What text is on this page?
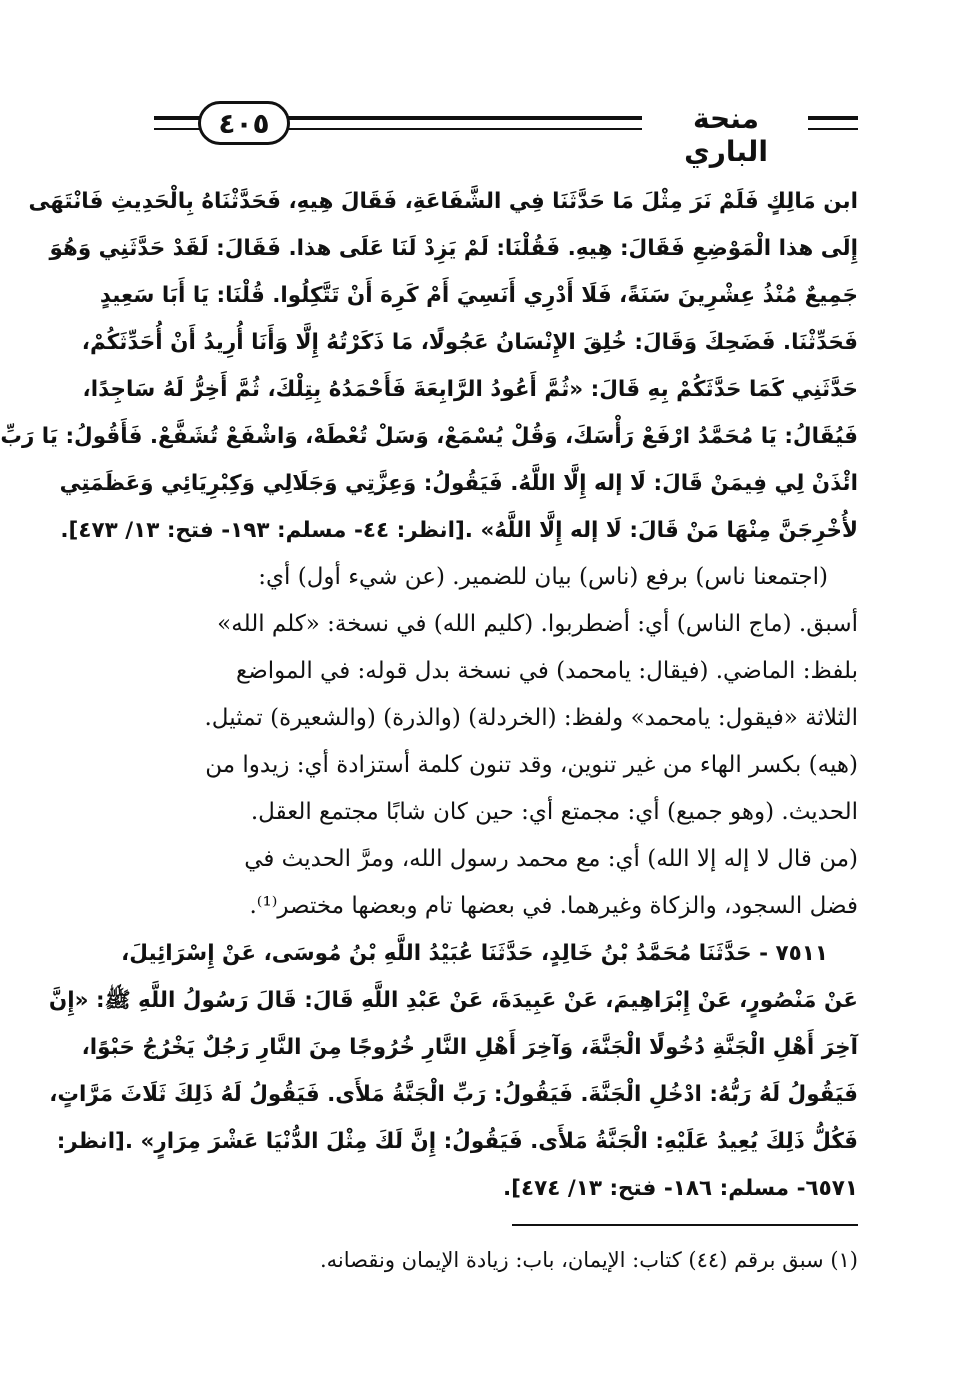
٤٠٥	منحة الباري
ابن مَالِكٍ فَلَمْ نَرَ مِثْلَ مَا حَدَّثَنَا فِي الشَّفَاعَةِ، فَقَالَ هِيهِ، فَحَدَّثْنَاهُ بِالْحَدِيثِ فَانْتَهَى
إِلَى هذا الْمَوْضِعِ فَقَالَ: هِيهِ. فَقُلْنَا: لَمْ يَزِدْ لَنَا عَلَى هذا. فَقَالَ: لَقَدْ حَدَّثَنِي وَهُوَ
جَمِيعٌ مُنْذُ عِشْرِينَ سَنَةً، فَلَا أَدْرِي أَنَسِيَ أَمْ كَرِهَ أَنْ تَتَّكِلُوا. قُلْنَا: يَا أَبَا سَعِيدٍ
فَحَدِّثْنَا. فَضَحِكَ وَقَالَ: خُلِقَ الإِنْسَانُ عَجُولًا، مَا ذَكَرْتُهُ إِلَّا وَأَنَا أُرِيدُ أَنْ أُحَدِّثَكُمْ،
حَدَّثَنِي كَمَا حَدَّثَكُمْ بِهِ قَالَ: «ثُمَّ أَعُودُ الرَّابِعَةَ فَأَحْمَدُهُ بِتِلْكَ، ثُمَّ أَخِرُّ لَهُ سَاجِدًا،
فَيُقَالُ: يَا مُحَمَّدُ ارْفَعْ رَأْسَكَ، وَقُلْ يُسْمَعْ، وَسَلْ تُعْطَهْ، وَاشْفَعْ تُشَفَّعْ. فَأَقُولُ: يَا رَبِّ
ائْذَنْ لِي فِيمَنْ قَالَ: لَا إله إِلَّا اللَّهُ. فَيَقُولُ: وَعِزَّتِي وَجَلَالِي وَكِبْرِيَائِي وَعَظَمَتِي
لأُخْرِجَنَّ مِنْهَا مَنْ قَالَ: لَا إله إِلَّا اللَّهُ» .[انظر: ٤٤- مسلم: ١٩٣- فتح: ١٣/ ٤٧٣].
(اجتمعنا ناس) برفع (ناس) بيان للضمير. (عن شيء أول) أي:
أسبق. (ماج الناس) أي: أضطربوا. (كليم الله) في نسخة: «كلم الله»
بلفظ: الماضي. (فيقال: يامحمد) في نسخة بدل قوله: في المواضع
الثلاثة «فيقول: يامحمد» ولفظ: (الخردلة) (والذرة) (والشعيرة) تمثيل.
(هيه) بكسر الهاء من غير تنوين، وقد تنون كلمة أستزادة أي: زيدوا من
الحديث. (وهو جميع) أي: مجمتع أي: حين كان شابًا مجتمع العقل.
(من قال لا إله إلا الله) أي: مع محمد رسول الله، ومرَّ الحديث في
فضل السجود، والزكاة وغيرهما. في بعضها تام وبعضها مختصر⁽¹⁾.
٧٥١١ - حَدَّثَنَا مُحَمَّدُ بْنُ خَالِدٍ، حَدَّثَنَا عُبَيْدُ اللَّهِ بْنُ مُوسَى، عَنْ إِسْرَائِيلَ،
عَنْ مَنْصُورٍ، عَنْ إِبْرَاهِيمَ، عَنْ عَبِيدَةَ، عَنْ عَبْدِ اللَّهِ قَالَ: قَالَ رَسُولُ اللَّهِ ﷺ: «إِنَّ
آخِرَ أَهْلِ الْجَنَّةِ دُخُولًا الْجَنَّةَ، وَآخِرَ أَهْلِ النَّارِ خُرُوجًا مِنَ النَّارِ رَجُلٌ يَخْرُجُ حَبْوًا،
فَيَقُولُ لَهُ رَبُّهُ: ادْخُلِ الْجَنَّةَ. فَيَقُولُ: رَبِّ الْجَنَّةُ مَلأَى. فَيَقُولُ لَهُ ذَلِكَ ثَلَاثَ مَرَّاتٍ،
فَكُلُّ ذَلِكَ يُعِيدُ عَلَيْهِ: الْجَنَّةُ مَلأَى. فَيَقُولُ: إِنَّ لَكَ مِثْلَ الدُّنْيَا عَشْرَ مِرَارٍ» .[انظر:
٦٥٧١- مسلم: ١٨٦- فتح: ١٣/ ٤٧٤].
(١) سبق برقم (٤٤) كتاب: الإيمان، باب: زيادة الإيمان ونقصانه.
